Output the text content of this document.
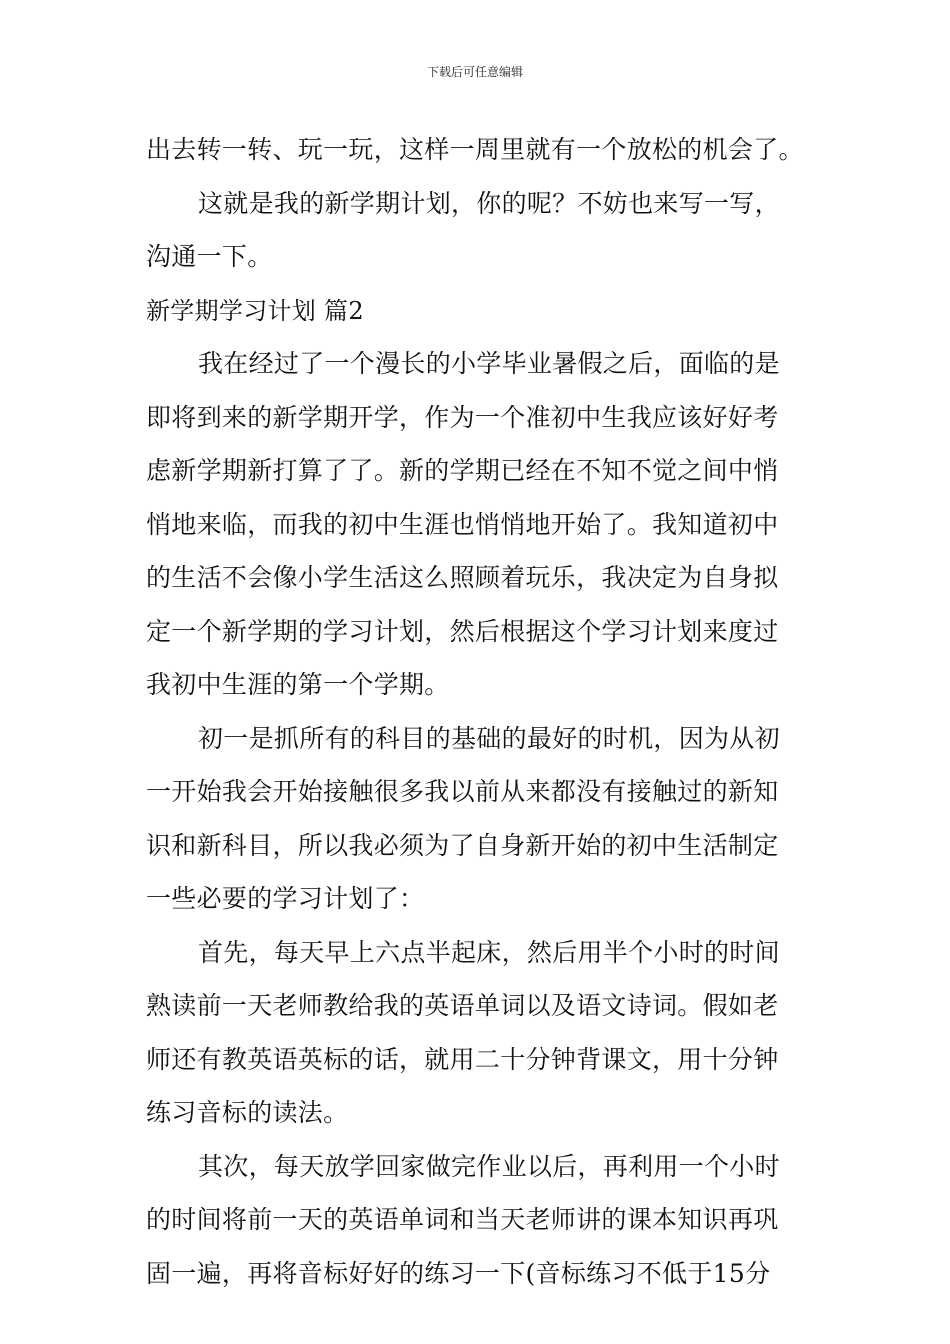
下载后可任意编辑
出去转一转、玩一玩，这样一周里就有一个放松的机会了。
这就是我的新学期计划，你的呢？不妨也来写一写，
沟通一下。
新学期学习计划 篇2
我在经过了一个漫长的小学毕业暑假之后，面临的是
即将到来的新学期开学，作为一个准初中生我应该好好考
虑新学期新打算了了。新的学期已经在不知不觉之间中悄
悄地来临，而我的初中生涯也悄悄地开始了。我知道初中
的生活不会像小学生活这么照顾着玩乐，我决定为自身拟
定一个新学期的学习计划，然后根据这个学习计划来度过
我初中生涯的第一个学期。
初一是抓所有的科目的基础的最好的时机，因为从初
一开始我会开始接触很多我以前从来都没有接触过的新知
识和新科目，所以我必须为了自身新开始的初中生活制定
一些必要的学习计划了：
首先，每天早上六点半起床，然后用半个小时的时间
熟读前一天老师教给我的英语单词以及语文诗词。假如老
师还有教英语英标的话，就用二十分钟背课文，用十分钟
练习音标的读法。
其次，每天放学回家做完作业以后，再利用一个小时
的时间将前一天的英语单词和当天老师讲的课本知识再巩
固一遍，再将音标好好的练习一下(音标练习不低于15分
